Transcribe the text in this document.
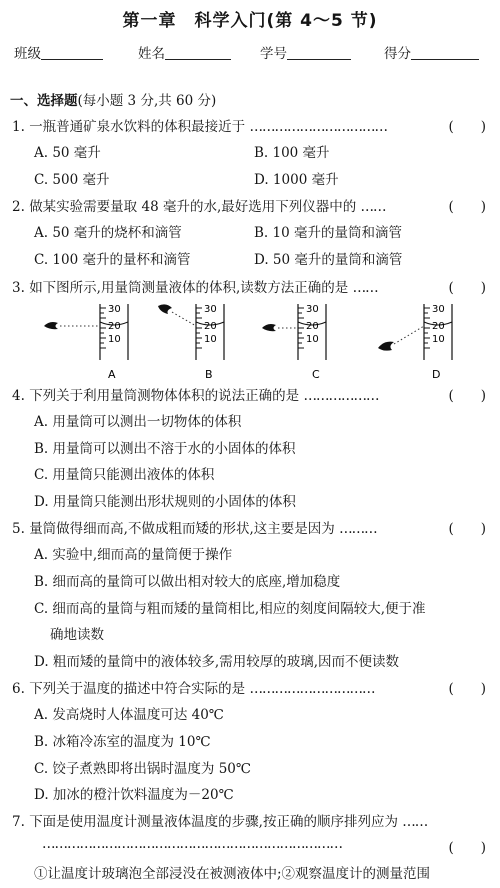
第一章　科学入门(第 4～5 节)
班级	姓名	学号	得分
一、选择题(每小题 3 分,共 60 分)
1. 一瓶普通矿泉水饮料的体积最接近于 ……………………………	(　　)
A. 50 毫升	B. 100 毫升
C. 500 毫升	D. 1000 毫升
2. 做某实验需要量取 48 毫升的水,最好选用下列仪器中的 ……	(　　)
A. 50 毫升的烧杯和滴管	B. 10 毫升的量筒和滴管
C. 100 毫升的量杯和滴管	D. 50 毫升的量筒和滴管
3. 如下图所示,用量筒测量液体的体积,读数方法正确的是 ……	(　　)
30
20
10
A
30
20
10
B
30
20
10
C
30
20
10
D
4. 下列关于利用量筒测物体体积的说法正确的是 ………………	(　　)
A. 用量筒可以测出一切物体的体积
B. 用量筒可以测出不溶于水的小固体的体积
C. 用量筒只能测出液体的体积
D. 用量筒只能测出形状规则的小固体的体积
5. 量筒做得细而高,不做成粗而矮的形状,这主要是因为 ………	(　　)
A. 实验中,细而高的量筒便于操作
B. 细而高的量筒可以做出相对较大的底座,增加稳度
C. 细而高的量筒与粗而矮的量筒相比,相应的刻度间隔较大,便于准
确地读数
D. 粗而矮的量筒中的液体较多,需用较厚的玻璃,因而不便读数
6. 下列关于温度的描述中符合实际的是 …………………………	(　　)
A. 发高烧时人体温度可达 40℃
B. 冰箱冷冻室的温度为 10℃
C. 饺子煮熟即将出锅时温度为 50℃
D. 加冰的橙汁饮料温度为－20℃
7. 下面是使用温度计测量液体温度的步骤,按正确的顺序排列应为 ……
………………………………………………………………	(　　)
①让温度计玻璃泡全部浸没在被测液体中;②观察温度计的测量范围
